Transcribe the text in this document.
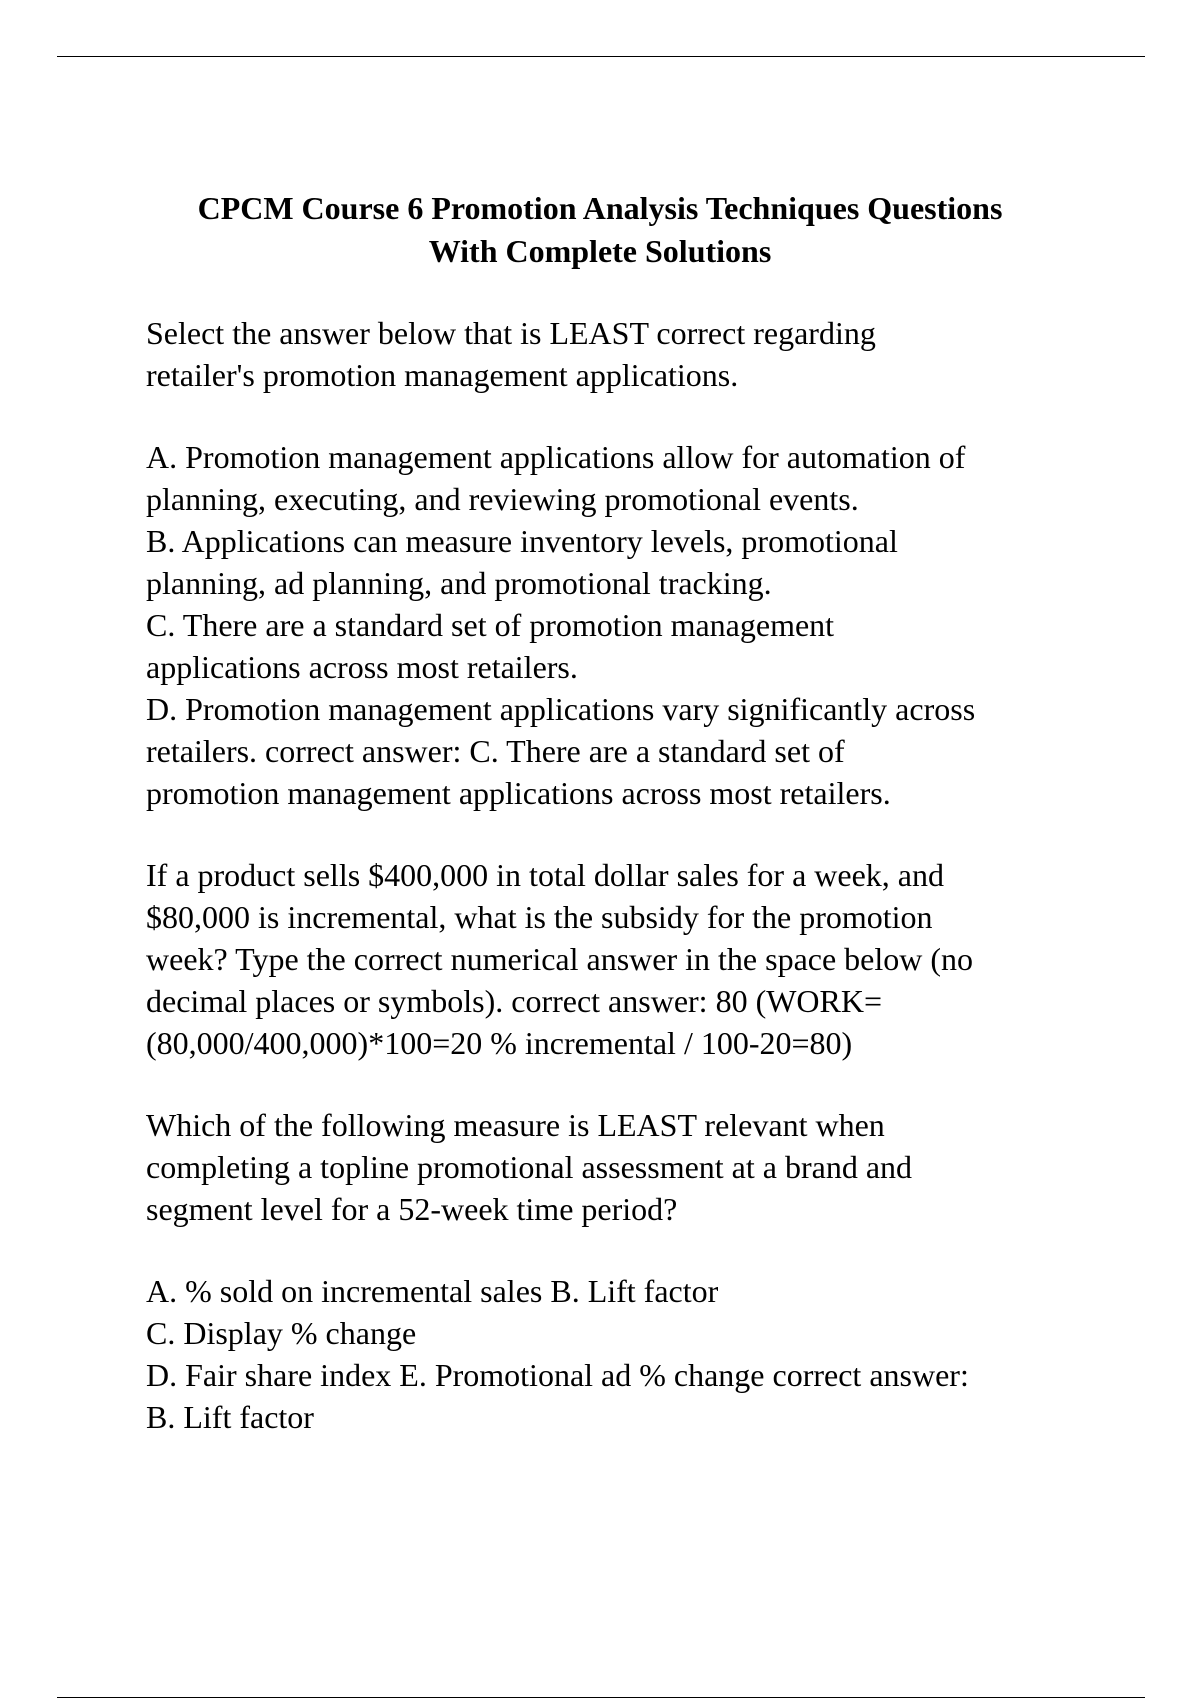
CPCM Course 6 Promotion Analysis Techniques Questions
With Complete Solutions

Select the answer below that is LEAST correct regarding
retailer's promotion management applications.

A. Promotion management applications allow for automation of
planning, executing, and reviewing promotional events.
B. Applications can measure inventory levels, promotional
planning, ad planning, and promotional tracking.
C. There are a standard set of promotion management
applications across most retailers.
D. Promotion management applications vary significantly across
retailers. correct answer: C. There are a standard set of
promotion management applications across most retailers.

If a product sells $400,000 in total dollar sales for a week, and
$80,000 is incremental, what is the subsidy for the promotion
week? Type the correct numerical answer in the space below (no
decimal places or symbols). correct answer: 80 (WORK=
(80,000/400,000)*100=20 % incremental / 100-20=80)

Which of the following measure is LEAST relevant when
completing a topline promotional assessment at a brand and
segment level for a 52-week time period?

A. % sold on incremental sales B. Lift factor
C. Display % change
D. Fair share index E. Promotional ad % change correct answer:
B. Lift factor
